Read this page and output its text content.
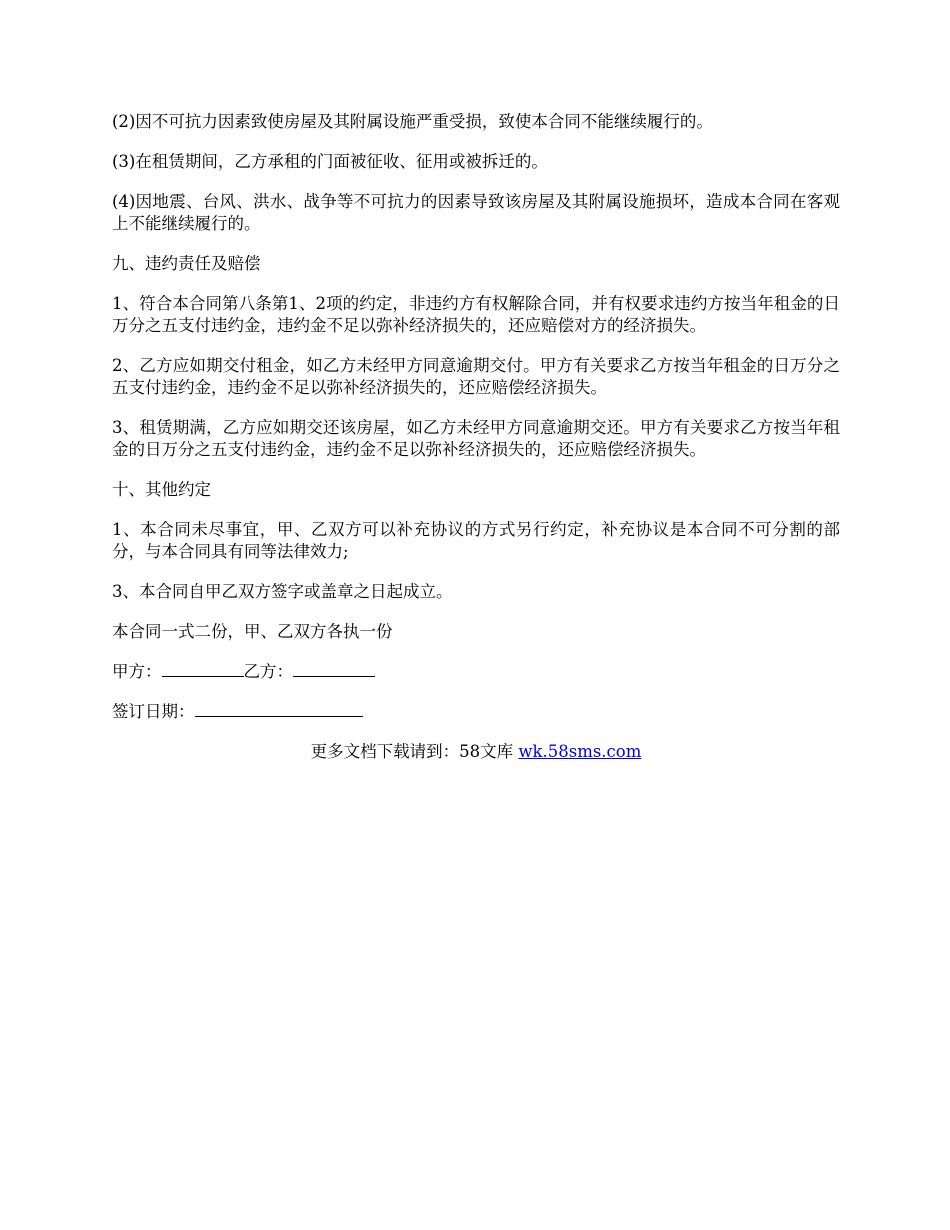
(2)因不可抗力因素致使房屋及其附属设施严重受损，致使本合同不能继续履行的。

(3)在租赁期间，乙方承租的门面被征收、征用或被拆迁的。

(4)因地震、台风、洪水、战争等不可抗力的因素导致该房屋及其附属设施损坏，造成本合同在客观上不能继续履行的。

九、违约责任及赔偿

1、符合本合同第八条第1、2项的约定，非违约方有权解除合同，并有权要求违约方按当年租金的日万分之五支付违约金，违约金不足以弥补经济损失的，还应赔偿对方的经济损失。

2、乙方应如期交付租金，如乙方未经甲方同意逾期交付。甲方有关要求乙方按当年租金的日万分之五支付违约金，违约金不足以弥补经济损失的，还应赔偿经济损失。

3、租赁期满，乙方应如期交还该房屋，如乙方未经甲方同意逾期交还。甲方有关要求乙方按当年租金的日万分之五支付违约金，违约金不足以弥补经济损失的，还应赔偿经济损失。

十、其他约定

1、本合同未尽事宜，甲、乙双方可以补充协议的方式另行约定，补充协议是本合同不可分割的部分，与本合同具有同等法律效力;

3、本合同自甲乙双方签字或盖章之日起成立。

本合同一式二份，甲、乙双方各执一份

甲方：	乙方：

签订日期：

更多文档下载请到：58文库 wk.58sms.com
